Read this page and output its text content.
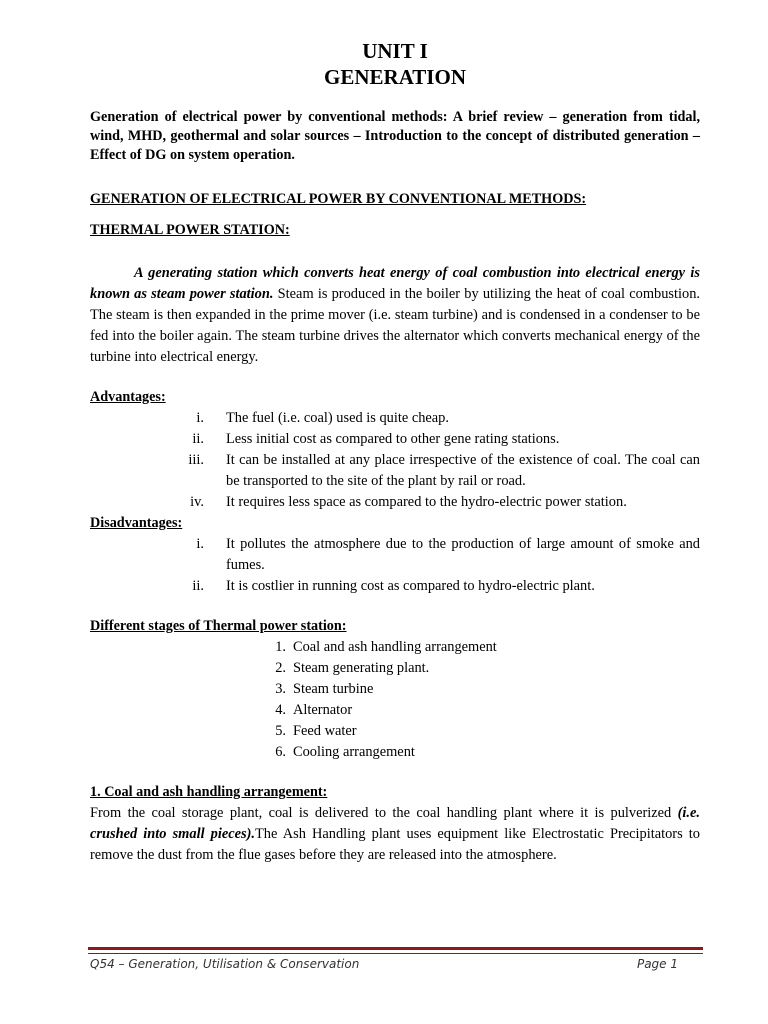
UNIT I
GENERATION
Generation of electrical power by conventional methods: A brief review – generation from tidal, wind, MHD, geothermal and solar sources – Introduction to the concept of distributed generation –Effect of DG on system operation.
GENERATION OF ELECTRICAL POWER BY CONVENTIONAL METHODS:
THERMAL POWER STATION:
A generating station which converts heat energy of coal combustion into electrical energy is known as steam power station. Steam is produced in the boiler by utilizing the heat of coal combustion. The steam is then expanded in the prime mover (i.e. steam turbine) and is condensed in a condenser to be fed into the boiler again. The steam turbine drives the alternator which converts mechanical energy of the turbine into electrical energy.
Advantages:
i. The fuel (i.e. coal) used is quite cheap.
ii. Less initial cost as compared to other gene rating stations.
iii. It can be installed at any place irrespective of the existence of coal. The coal can be transported to the site of the plant by rail or road.
iv. It requires less space as compared to the hydro-electric power station.
Disadvantages:
i. It pollutes the atmosphere due to the production of large amount of smoke and fumes.
ii. It is costlier in running cost as compared to hydro-electric plant.
Different stages of Thermal power station:
1. Coal and ash handling arrangement
2. Steam generating plant.
3. Steam turbine
4. Alternator
5. Feed water
6. Cooling arrangement
1. Coal and ash handling arrangement:
From the coal storage plant, coal is delivered to the coal handling plant where it is pulverized (i.e. crushed into small pieces).The Ash Handling plant uses equipment like Electrostatic Precipitators to remove the dust from the flue gases before they are released into the atmosphere.
Q54 – Generation, Utilisation & Conservation	Page 1
